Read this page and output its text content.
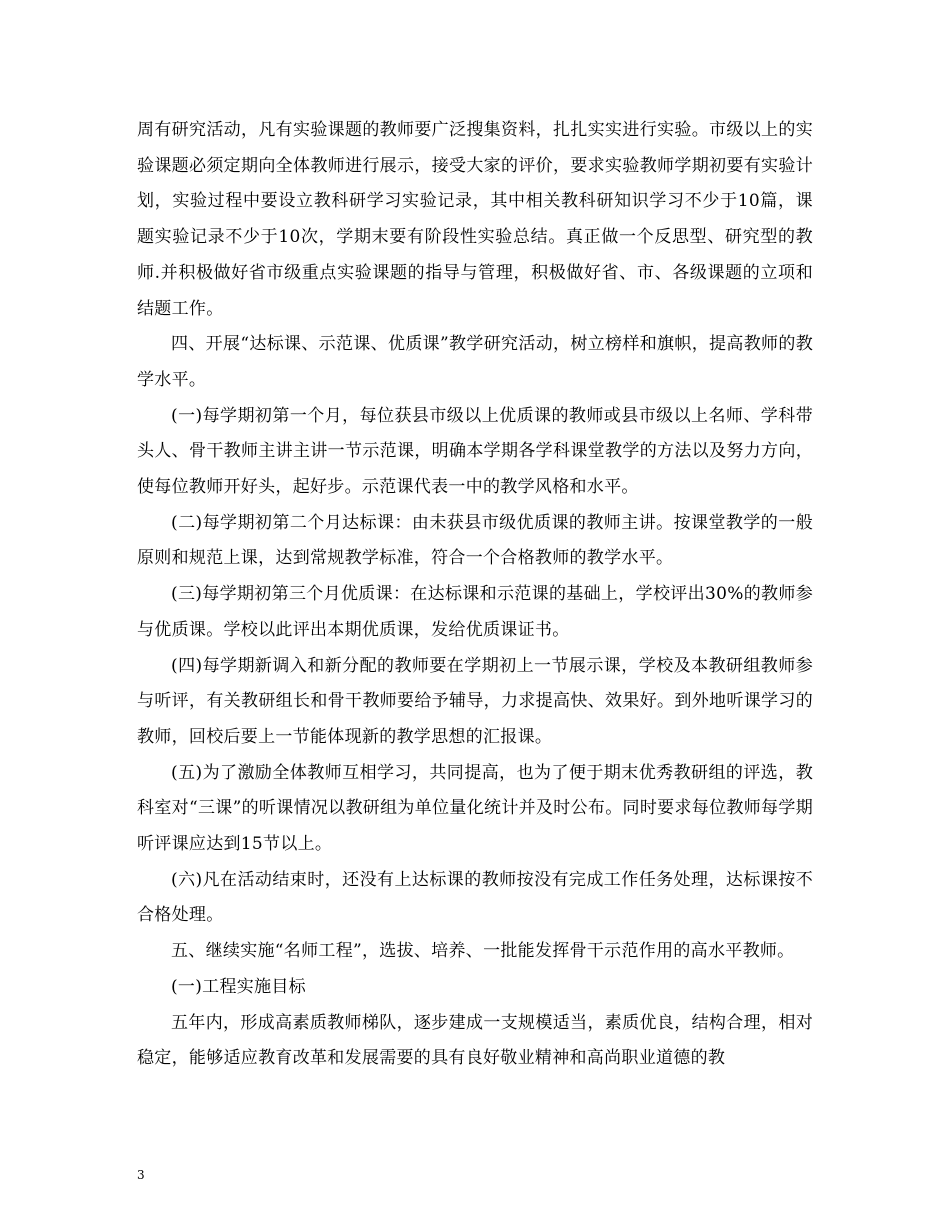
周有研究活动，凡有实验课题的教师要广泛搜集资料，扎扎实实进行实验。市级以上的实验课题必须定期向全体教师进行展示，接受大家的评价，要求实验教师学期初要有实验计划，实验过程中要设立教科研学习实验记录，其中相关教科研知识学习不少于10篇，课题实验记录不少于10次，学期末要有阶段性实验总结。真正做一个反思型、研究型的教师.并积极做好省市级重点实验课题的指导与管理，积极做好省、市、各级课题的立项和结题工作。

四、开展“达标课、示范课、优质课”教学研究活动，树立榜样和旗帜，提高教师的教学水平。

(一)每学期初第一个月，每位获县市级以上优质课的教师或县市级以上名师、学科带头人、骨干教师主讲主讲一节示范课，明确本学期各学科课堂教学的方法以及努力方向，使每位教师开好头，起好步。示范课代表一中的教学风格和水平。

(二)每学期初第二个月达标课：由未获县市级优质课的教师主讲。按课堂教学的一般原则和规范上课，达到常规教学标准，符合一个合格教师的教学水平。

(三)每学期初第三个月优质课：在达标课和示范课的基础上，学校评出30%的教师参与优质课。学校以此评出本期优质课，发给优质课证书。

(四)每学期新调入和新分配的教师要在学期初上一节展示课，学校及本教研组教师参与听评，有关教研组长和骨干教师要给予辅导，力求提高快、效果好。到外地听课学习的教师，回校后要上一节能体现新的教学思想的汇报课。

(五)为了激励全体教师互相学习，共同提高，也为了便于期末优秀教研组的评选，教科室对“三课”的听课情况以教研组为单位量化统计并及时公布。同时要求每位教师每学期听评课应达到15节以上。

(六)凡在活动结束时，还没有上达标课的教师按没有完成工作任务处理，达标课按不合格处理。

五、继续实施“名师工程”，选拔、培养、一批能发挥骨干示范作用的高水平教师。

(一)工程实施目标

五年内，形成高素质教师梯队，逐步建成一支规模适当，素质优良，结构合理，相对稳定，能够适应教育改革和发展需要的具有良好敬业精神和高尚职业道德的教

3
